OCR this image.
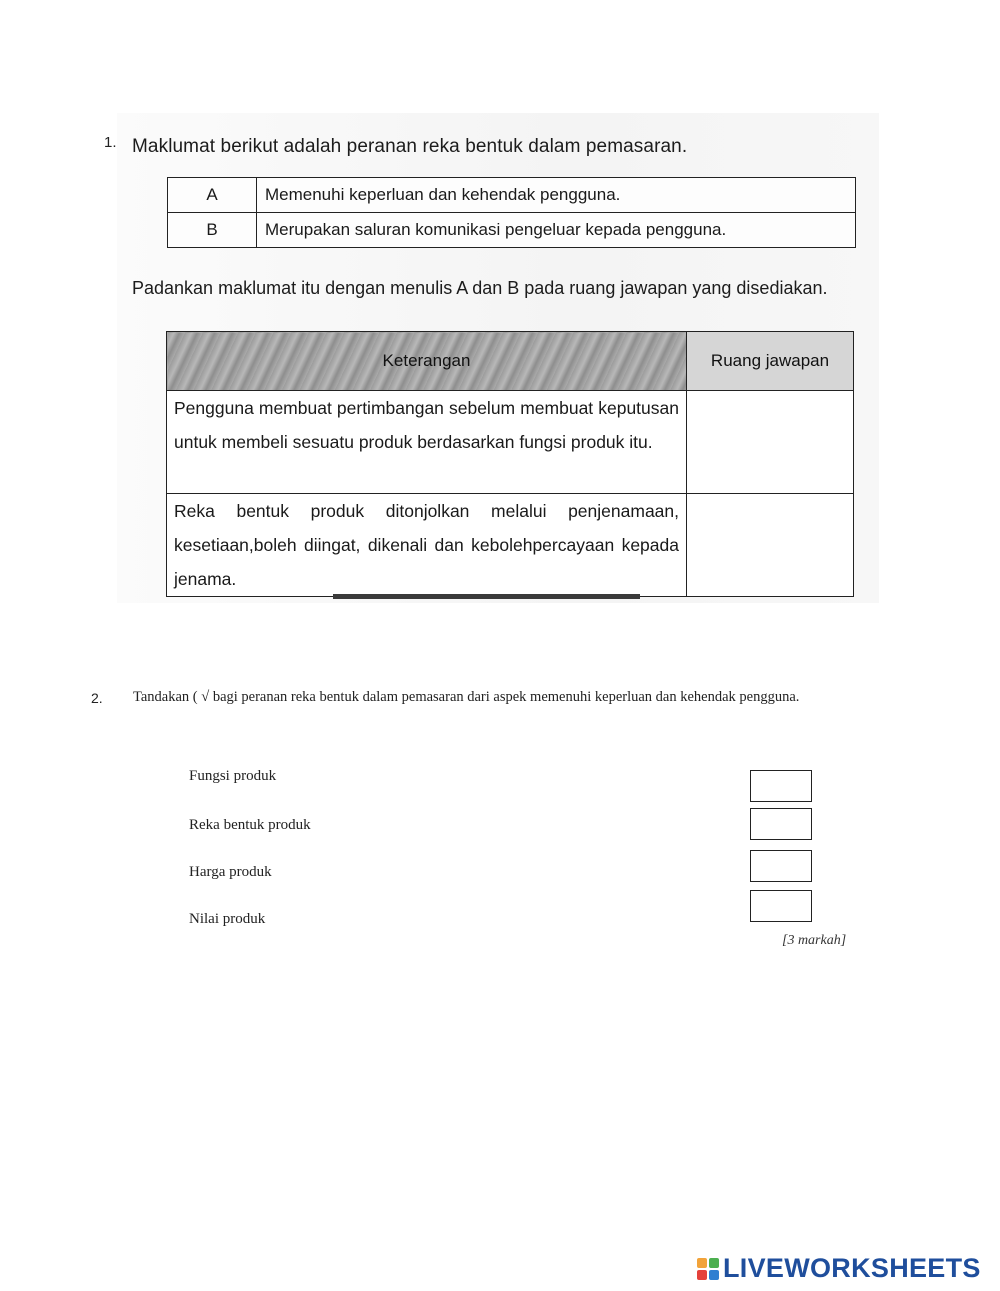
1. Maklumat berikut adalah peranan reka bentuk dalam pemasaran.
A	Memenuhi keperluan dan kehendak pengguna.
B	Merupakan saluran komunikasi pengeluar kepada pengguna.
Padankan maklumat itu dengan menulis A dan B pada ruang jawapan yang disediakan.
Keterangan	Ruang jawapan
Pengguna membuat pertimbangan sebelum membuat keputusan untuk membeli sesuatu produk berdasarkan fungsi produk itu.	

Reka bentuk produk ditonjolkan melalui penjenamaan, kesetiaan,boleh diingat, dikenali dan kebolehpercayaan kepada jenama.	
2. Tandakan ( √ bagi peranan reka bentuk dalam pemasaran dari aspek memenuhi keperluan dan kehendak pengguna.
Fungsi produk
Reka bentuk produk
Harga produk
Nilai produk
[3 markah]
LIVEWORKSHEETS
